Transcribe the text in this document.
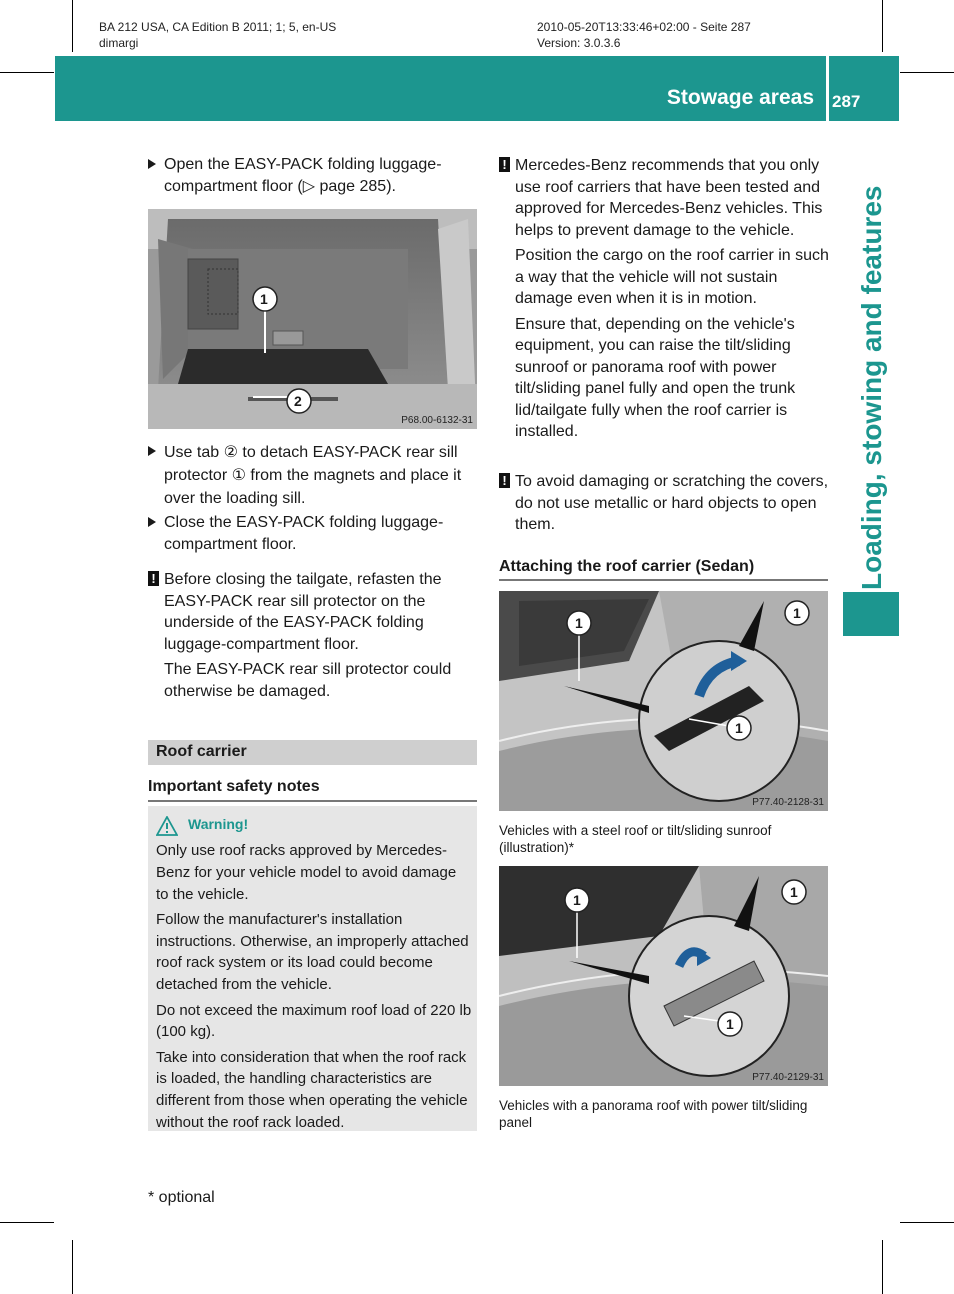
BA 212 USA, CA Edition B 2011; 1; 5, en-US
dimargi
2010-05-20T13:33:46+02:00 - Seite 287
Version: 3.0.3.6
Stowage areas 287
Loading, stowing and features
Open the EASY-PACK folding luggage-compartment floor (▷ page 285).
1
2
P68.00-6132-31
Use tab ② to detach EASY-PACK rear sill protector ① from the magnets and place it over the loading sill.
Close the EASY-PACK folding luggage-compartment floor.
! Before closing the tailgate, refasten the EASY-PACK rear sill protector on the underside of the EASY-PACK folding luggage-compartment floor.

The EASY-PACK rear sill protector could otherwise be damaged.

Roof carrier
Important safety notes
Warning!

Only use roof racks approved by Mercedes-Benz for your vehicle model to avoid damage to the vehicle.

Follow the manufacturer's installation instructions. Otherwise, an improperly attached roof rack system or its load could become detached from the vehicle.

Do not exceed the maximum roof load of 220 lb (100 kg).

Take into consideration that when the roof rack is loaded, the handling characteristics are different from those when operating the vehicle without the roof rack loaded.

! Mercedes-Benz recommends that you only use roof carriers that have been tested and approved for Mercedes-Benz vehicles. This helps to prevent damage to the vehicle.

Position the cargo on the roof carrier in such a way that the vehicle will not sustain damage even when it is in motion.

Ensure that, depending on the vehicle's equipment, you can raise the tilt/sliding sunroof or panorama roof with power tilt/sliding panel fully and open the trunk lid/tailgate fully when the roof carrier is installed.

! To avoid damaging or scratching the covers, do not use metallic or hard objects to open them.
Attaching the roof carrier (Sedan)
1
1
1
P77.40-2128-31
Vehicles with a steel roof or tilt/sliding sunroof (illustration)*
1	1
1
P77.40-2129-31
Vehicles with a panorama roof with power tilt/sliding panel
* optional
